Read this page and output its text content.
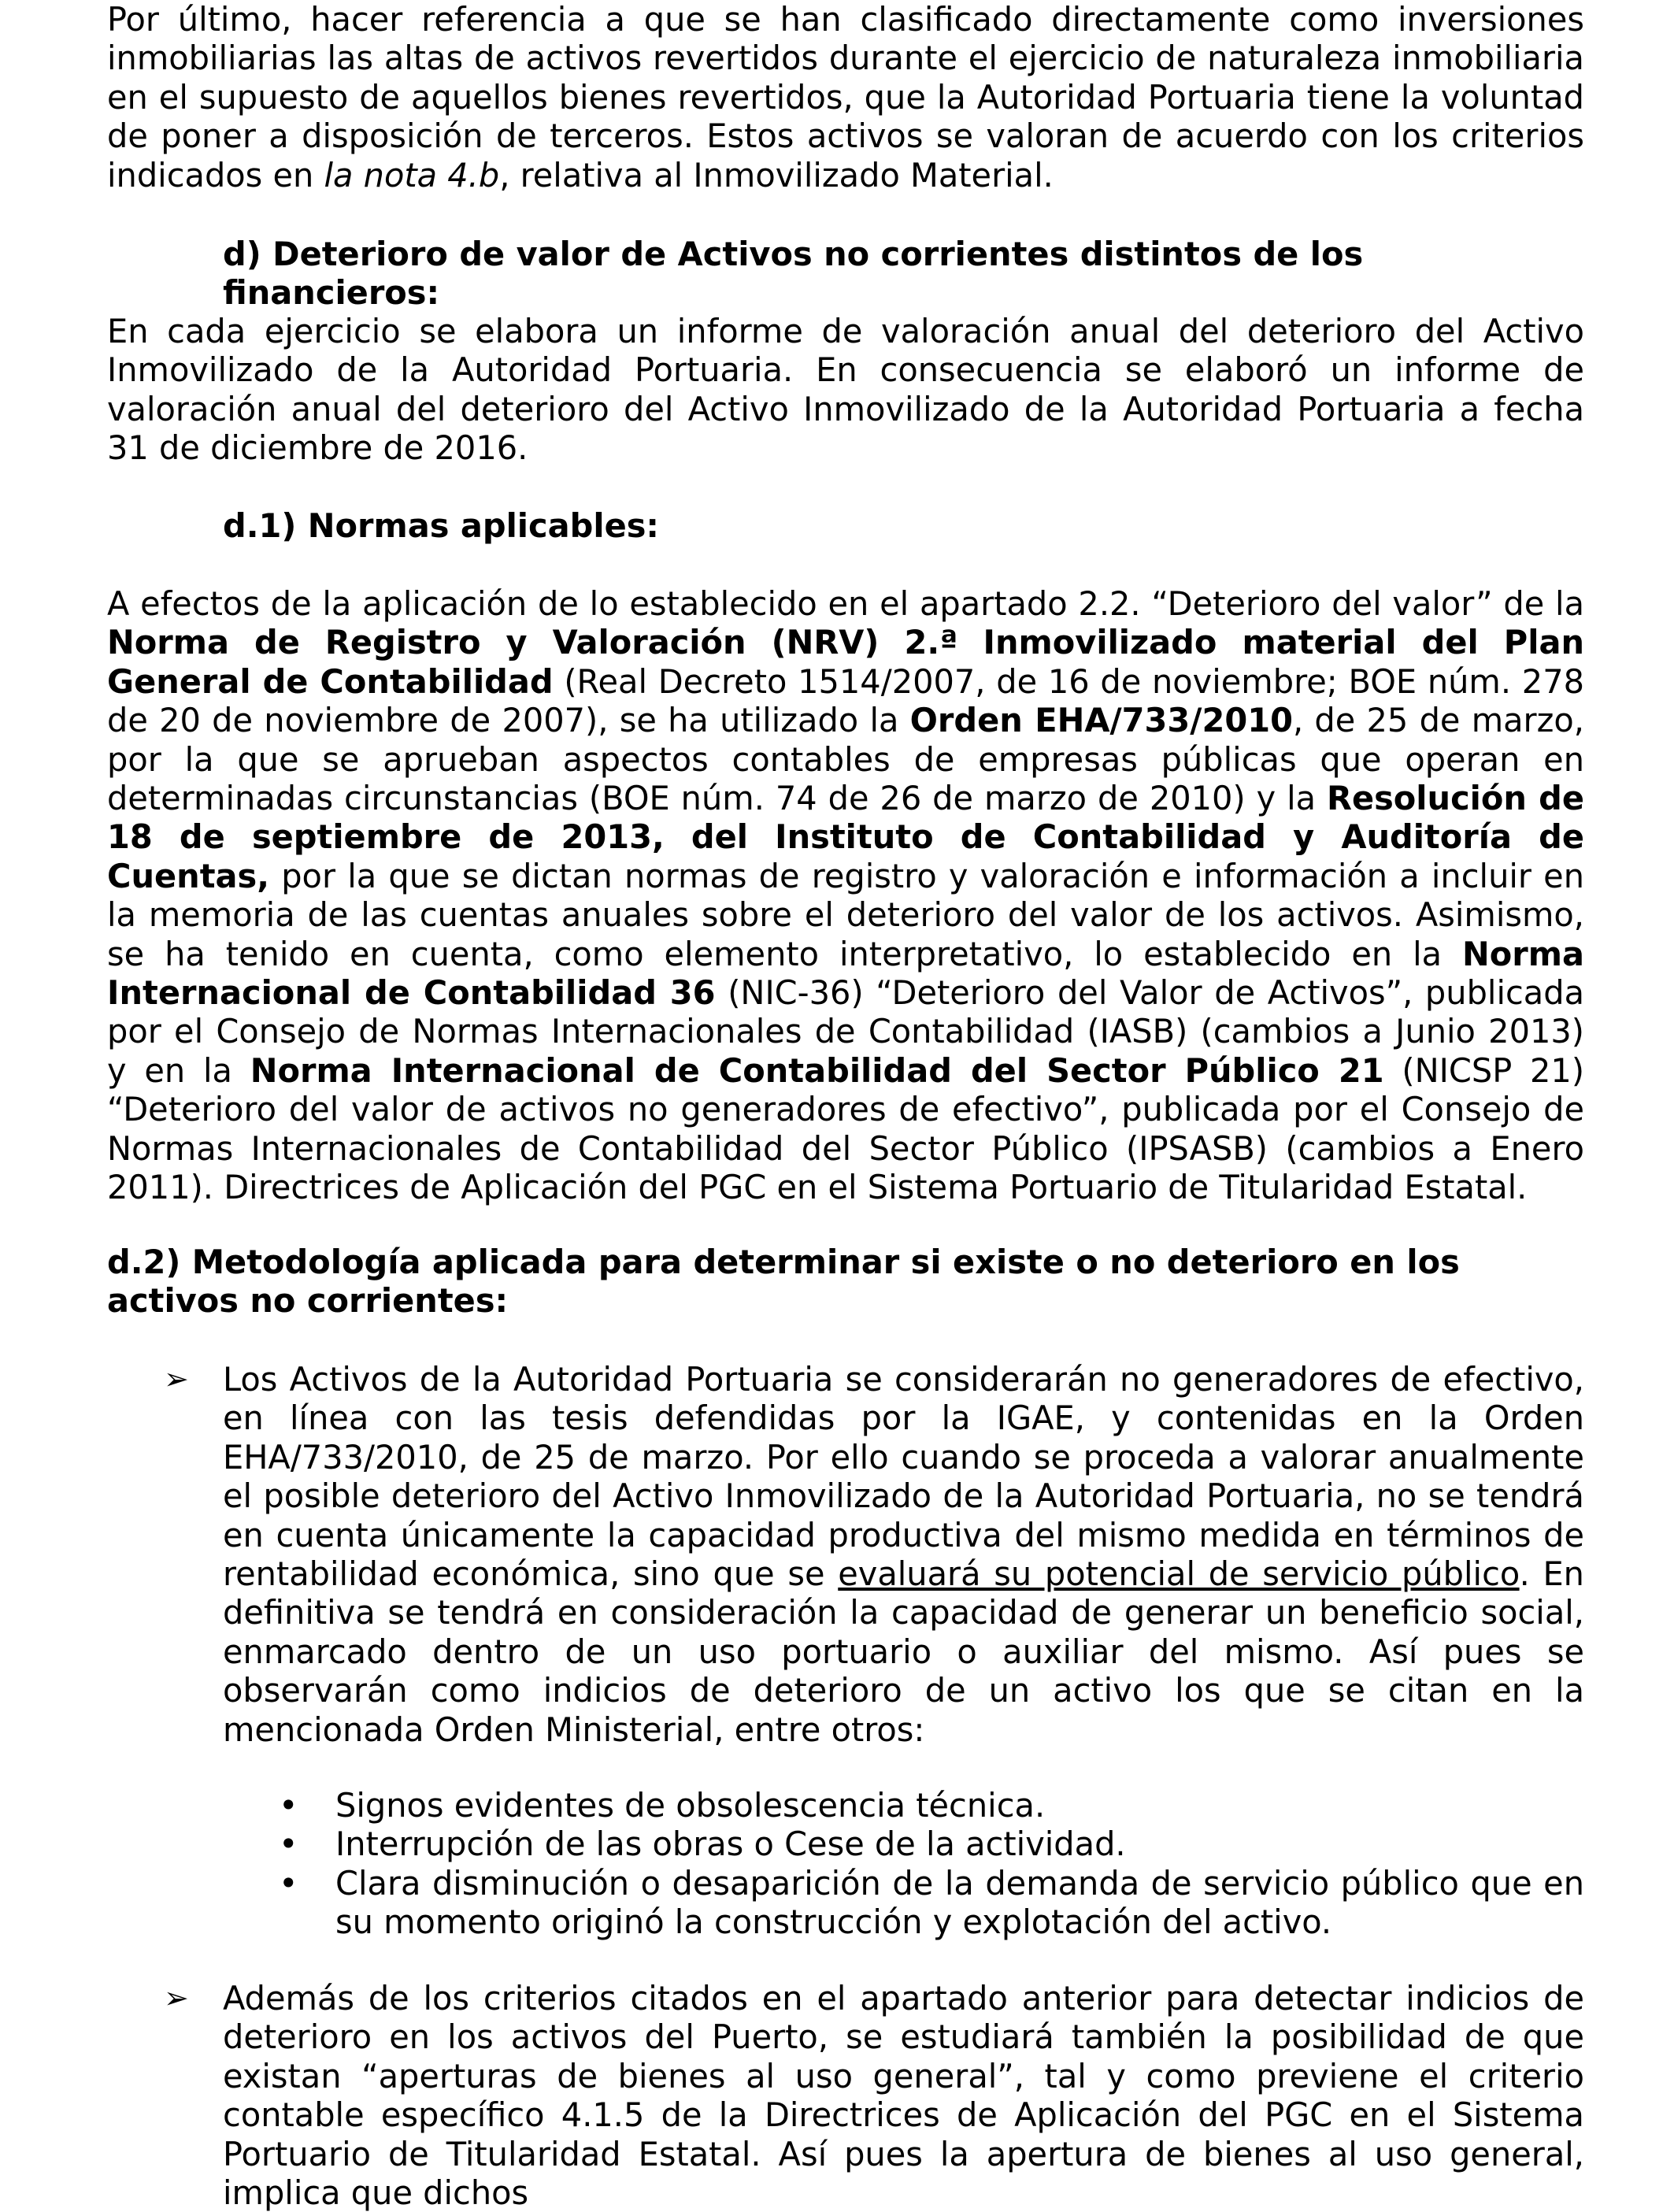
Por último, hacer referencia a que se han clasificado directamente como inversiones inmobiliarias las altas de activos revertidos durante el ejercicio de naturaleza inmobiliaria en el supuesto de aquellos bienes revertidos, que la Autoridad Portuaria tiene la voluntad de poner a disposición de terceros. Estos activos se valoran de acuerdo con los criterios indicados en la nota 4.b, relativa al Inmovilizado Material.

d) Deterioro de valor de Activos no corrientes distintos de los financieros:

En cada ejercicio se elabora un informe de valoración anual del deterioro del Activo Inmovilizado de la Autoridad Portuaria. En consecuencia se elaboró un informe de valoración anual del deterioro del Activo Inmovilizado de la Autoridad Portuaria a fecha 31 de diciembre de 2016.

d.1) Normas aplicables:

A efectos de la aplicación de lo establecido en el apartado 2.2. “Deterioro del valor” de la Norma de Registro y Valoración (NRV) 2.ª Inmovilizado material del Plan General de Contabilidad (Real Decreto 1514/2007, de 16 de noviembre; BOE núm. 278 de 20 de noviembre de 2007), se ha utilizado la Orden EHA/733/2010, de 25 de marzo, por la que se aprueban aspectos contables de empresas públicas que operan en determinadas circunstancias (BOE núm. 74 de 26 de marzo de 2010) y la Resolución de 18 de septiembre de 2013, del Instituto de Contabilidad y Auditoría de Cuentas, por la que se dictan normas de registro y valoración e información a incluir en la memoria de las cuentas anuales sobre el deterioro del valor de los activos. Asimismo, se ha tenido en cuenta, como elemento interpretativo, lo establecido en la Norma Internacional de Contabilidad 36 (NIC-36) “Deterioro del Valor de Activos”, publicada por el Consejo de Normas Internacionales de Contabilidad (IASB) (cambios a Junio 2013) y en la Norma Internacional de Contabilidad del Sector Público 21 (NICSP 21) “Deterioro del valor de activos no generadores de efectivo”, publicada por el Consejo de Normas Internacionales de Contabilidad del Sector Público (IPSASB) (cambios a Enero 2011). Directrices de Aplicación del PGC en el Sistema Portuario de Titularidad Estatal.

d.2) Metodología aplicada para determinar si existe o no deterioro en los activos no corrientes:

➢ Los Activos de la Autoridad Portuaria se considerarán no generadores de efectivo, en línea con las tesis defendidas por la IGAE, y contenidas en la Orden EHA/733/2010, de 25 de marzo. Por ello cuando se proceda a valorar anualmente el posible deterioro del Activo Inmovilizado de la Autoridad Portuaria, no se tendrá en cuenta únicamente la capacidad productiva del mismo medida en términos de rentabilidad económica, sino que se evaluará su potencial de servicio público. En definitiva se tendrá en consideración la capacidad de generar un beneficio social, enmarcado dentro de un uso portuario o auxiliar del mismo. Así pues se observarán como indicios de deterioro de un activo los que se citan en la mencionada Orden Ministerial, entre otros:

• Signos evidentes de obsolescencia técnica.

• Interrupción de las obras o Cese de la actividad.

• Clara disminución o desaparición de la demanda de servicio público que en su momento originó la construcción y explotación del activo.

➢ Además de los criterios citados en el apartado anterior para detectar indicios de deterioro en los activos del Puerto, se estudiará también la posibilidad de que existan “aperturas de bienes al uso general”, tal y como previene el criterio contable específico 4.1.5 de la Directrices de Aplicación del PGC en el Sistema Portuario de Titularidad Estatal. Así pues la apertura de bienes al uso general, implica que dichos
